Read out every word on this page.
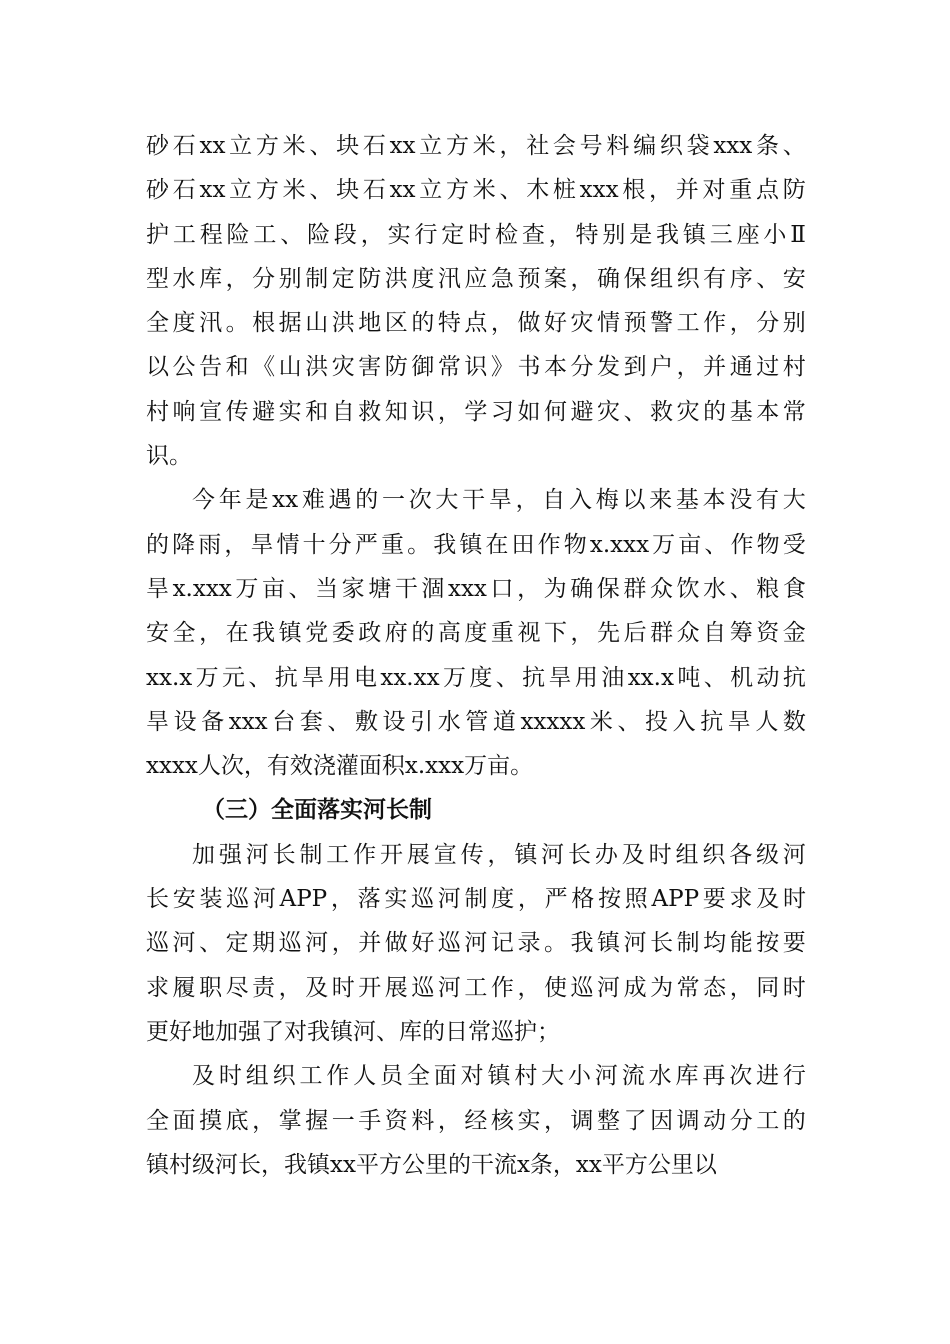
砂 石 xx 立 方 米 、 块 石 xx 立 方 米 ， 社 会 号 料 编 织 袋 xxx 条 、
砂 石 xx 立 方 米 、 块 石 xx 立 方 米 、 木 桩 xxx 根 ， 并 对 重 点 防
护 工 程 险 工 、 险 段 ， 实 行 定 时 检 查 ， 特 别 是 我 镇 三 座 小 Ⅱ
型 水 库 ， 分 别 制 定 防 洪 度 汛 应 急 预 案 ， 确 保 组 织 有 序 、 安
全 度 汛 。 根 据 山 洪 地 区 的 特 点 ， 做 好 灾 情 预 警 工 作 ， 分 别
以 公 告 和 《 山 洪 灾 害 防 御 常 识 》 书 本 分 发 到 户 ， 并 通 过 村
村 响 宣 传 避 实 和 自 救 知 识 ， 学 习 如 何 避 灾 、 救 灾 的 基 本 常
识。
今 年 是 xx 难 遇 的 一 次 大 干 旱 ， 自 入 梅 以 来 基 本 没 有 大
的 降 雨 ， 旱 情 十 分 严 重 。 我 镇 在 田 作 物 x.xxx 万 亩 、 作 物 受
旱 x.xxx 万 亩 、 当 家 塘 干 涸 xxx 口 ， 为 确 保 群 众 饮 水 、 粮 食
安 全 ， 在 我 镇 党 委 政 府 的 高 度 重 视 下 ， 先 后 群 众 自 筹 资 金
xx.x 万 元 、 抗 旱 用 电 xx.xx 万 度 、 抗 旱 用 油 xx.x 吨 、 机 动 抗
旱 设 备 xxx 台 套 、 敷 设 引 水 管 道 xxxxx 米 、 投 入 抗 旱 人 数
xxxx人次，有效浇灌面积x.xxx万亩。
（三）全面落实河长制
加 强 河 长 制 工 作 开 展 宣 传 ， 镇 河 长 办 及 时 组 织 各 级 河
长 安 装 巡 河 APP ， 落 实 巡 河 制 度 ， 严 格 按 照 APP 要 求 及 时
巡 河 、 定 期 巡 河 ， 并 做 好 巡 河 记 录 。 我 镇 河 长 制 均 能 按 要
求 履 职 尽 责 ， 及 时 开 展 巡 河 工 作 ， 使 巡 河 成 为 常 态 ， 同 时
更好地加强了对我镇河、库的日常巡护；
及 时 组 织 工 作 人 员 全 面 对 镇 村 大 小 河 流 水 库 再 次 进 行
全 面 摸 底 ， 掌 握 一 手 资 料 ， 经 核 实 ， 调 整 了 因 调 动 分 工 的
镇村级河长，我镇xx平方公里的干流x条，xx平方公里以
